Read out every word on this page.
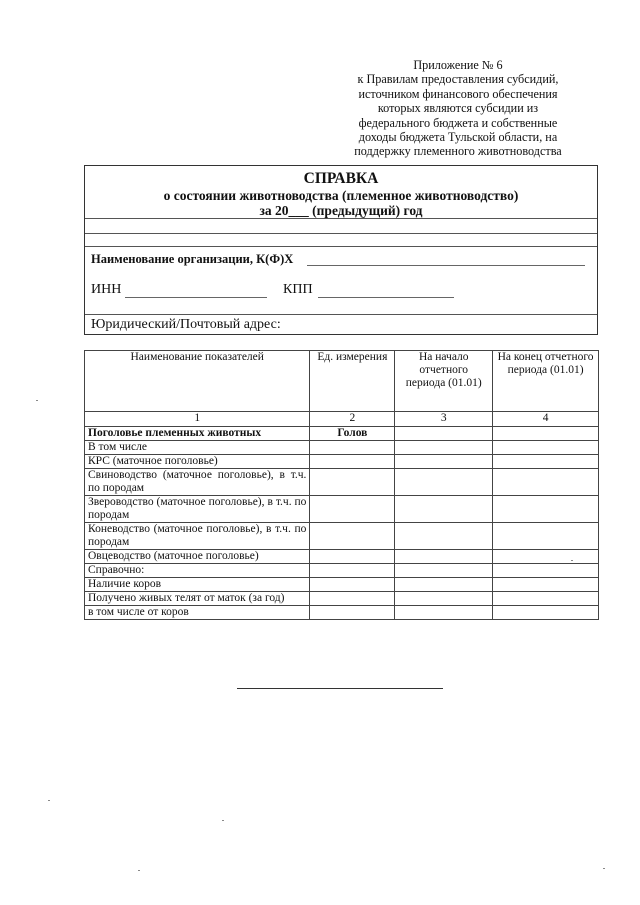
Приложение № 6
к Правилам предоставления субсидий,
источником финансового обеспечения
которых являются субсидии из
федерального бюджета и собственные
доходы бюджета Тульской области, на
поддержку племенного животноводства
СПРАВКА
о состоянии животноводства (племенное животноводство)
за 20___ (предыдущий) год
Наименование организации, К(Ф)Х
ИНН	КПП
Юридический/Почтовый адрес:
Наименование показателей	Ед. измерения	На начало отчетного периода (01.01)	На конец отчетного периода (01.01)
1	2	3	4
Поголовье племенных животных	Голов		
В том числе			
КРС (маточное поголовье)			
Свиноводство (маточное поголовье), в т.ч. по породам			
Звероводство (маточное поголовье), в т.ч. по породам			
Коневодство (маточное поголовье), в т.ч. по породам			
Овцеводство (маточное поголовье)			
Справочно:			
Наличие коров			
Получено живых телят от маток (за год)			
в том числе от коров			
